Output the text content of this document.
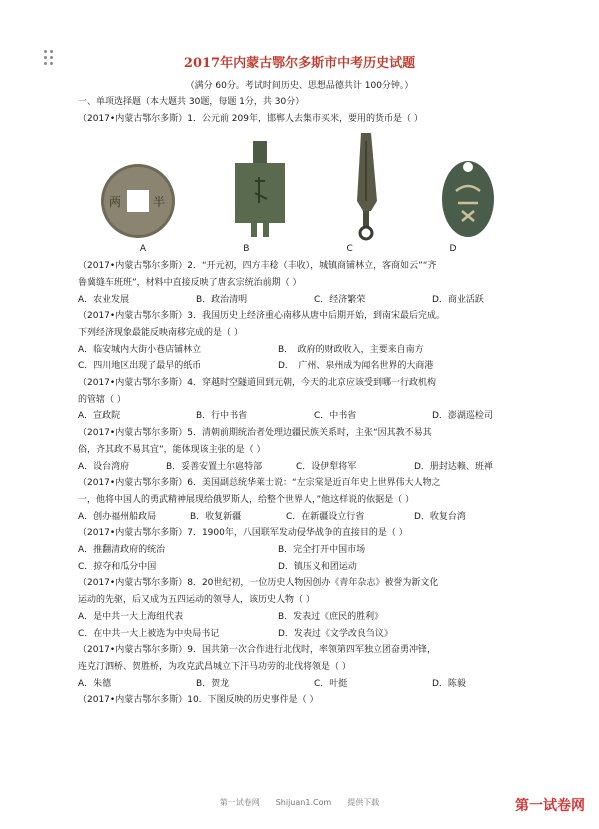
2017年内蒙古鄂尔多斯市中考历史试题
（满分 60分。考试时间历史、思想品德共计 100分钟。）

一、单项选择题（本大题共 30题，每题 1分，共 30分）

（2017•内蒙古鄂尔多斯）1．公元前 209年，邯郸人去集市买米，要用的货币是（ ）

两	半
A	B	C	D

（2017•内蒙古鄂尔多斯）2．“开元初，四方丰稔（丰收），城镇商铺林立，客商如云”“齐

鲁冀缝车班班”，材料中直接反映了唐玄宗统治前期（ ）

A．农业发展	B．政治清明	C．经济繁荣	D．商业活跃

（2017•内蒙古鄂尔多斯）3．我国历史上经济重心南移从唐中后期开始，到南宋最后完成。

下列经济现象最能反映南移完成的是（ ）

A．临安城内大街小巷店铺林立	B．　政府的财政收入，主要来自南方
C．四川地区出现了最早的纸币	D．　广州、泉州成为闻名世界的大商港

（2017•内蒙古鄂尔多斯）4．穿越时空隧道回到元朝，今天的北京应该受到哪一行政机构

的管辖（ ）

A．宣政院	B．行中书省	C．中书省	D．澎湖巡检司

（2017•内蒙古鄂尔多斯）5．清朝前期统治者处理边疆民族关系时，主张“因其教不易其

俗，齐其政不易其宜”，能体现该主张的是（ ）

A．设台湾府	B．妥善安置土尔扈特部	C．设伊犁将军	D．册封达赖、班禅

（2017•内蒙古鄂尔多斯）6．美国副总统华莱士说：“左宗棠是近百年史上世界伟大人物之

一，他将中国人的勇武精神展现给俄罗斯人，给整个世界人，”他这样说的依据是（ ）

A．创办福州船政局	B．收复新疆	C．在新疆设立行省	D．收复台湾

（2017•内蒙古鄂尔多斯）7．1900年，八国联军发动侵华战争的直接目的是（ ）

A．推翻清政府的统治	B．完全打开中国市场
C．掠夺和瓜分中国	D．镇压义和团运动

（2017•内蒙古鄂尔多斯）8．20世纪初，一位历史人物因创办《青年杂志》被誉为新文化

运动的先驱，后又成为五四运动的领导人，该历史人物（ ）

A．是中共一大上海组代表	B．发表过《庶民的胜利》
C．在中共一大上被选为中央局书记	D．发表过《文学改良刍议》

（2017•内蒙古鄂尔多斯）9．国共第一次合作进行北伐时，率领第四军独立团奋勇冲锋，

连克汀泗桥、贺胜桥，为攻克武昌城立下汗马功劳的北伐将领是（ ）

A．朱德	B．贺龙	C．叶挺	D．陈毅

（2017•内蒙古鄂尔多斯）10．下图反映的历史事件是（ ）

第一试卷网　　Shijuan1.Com　　提供下载	第一试卷网
